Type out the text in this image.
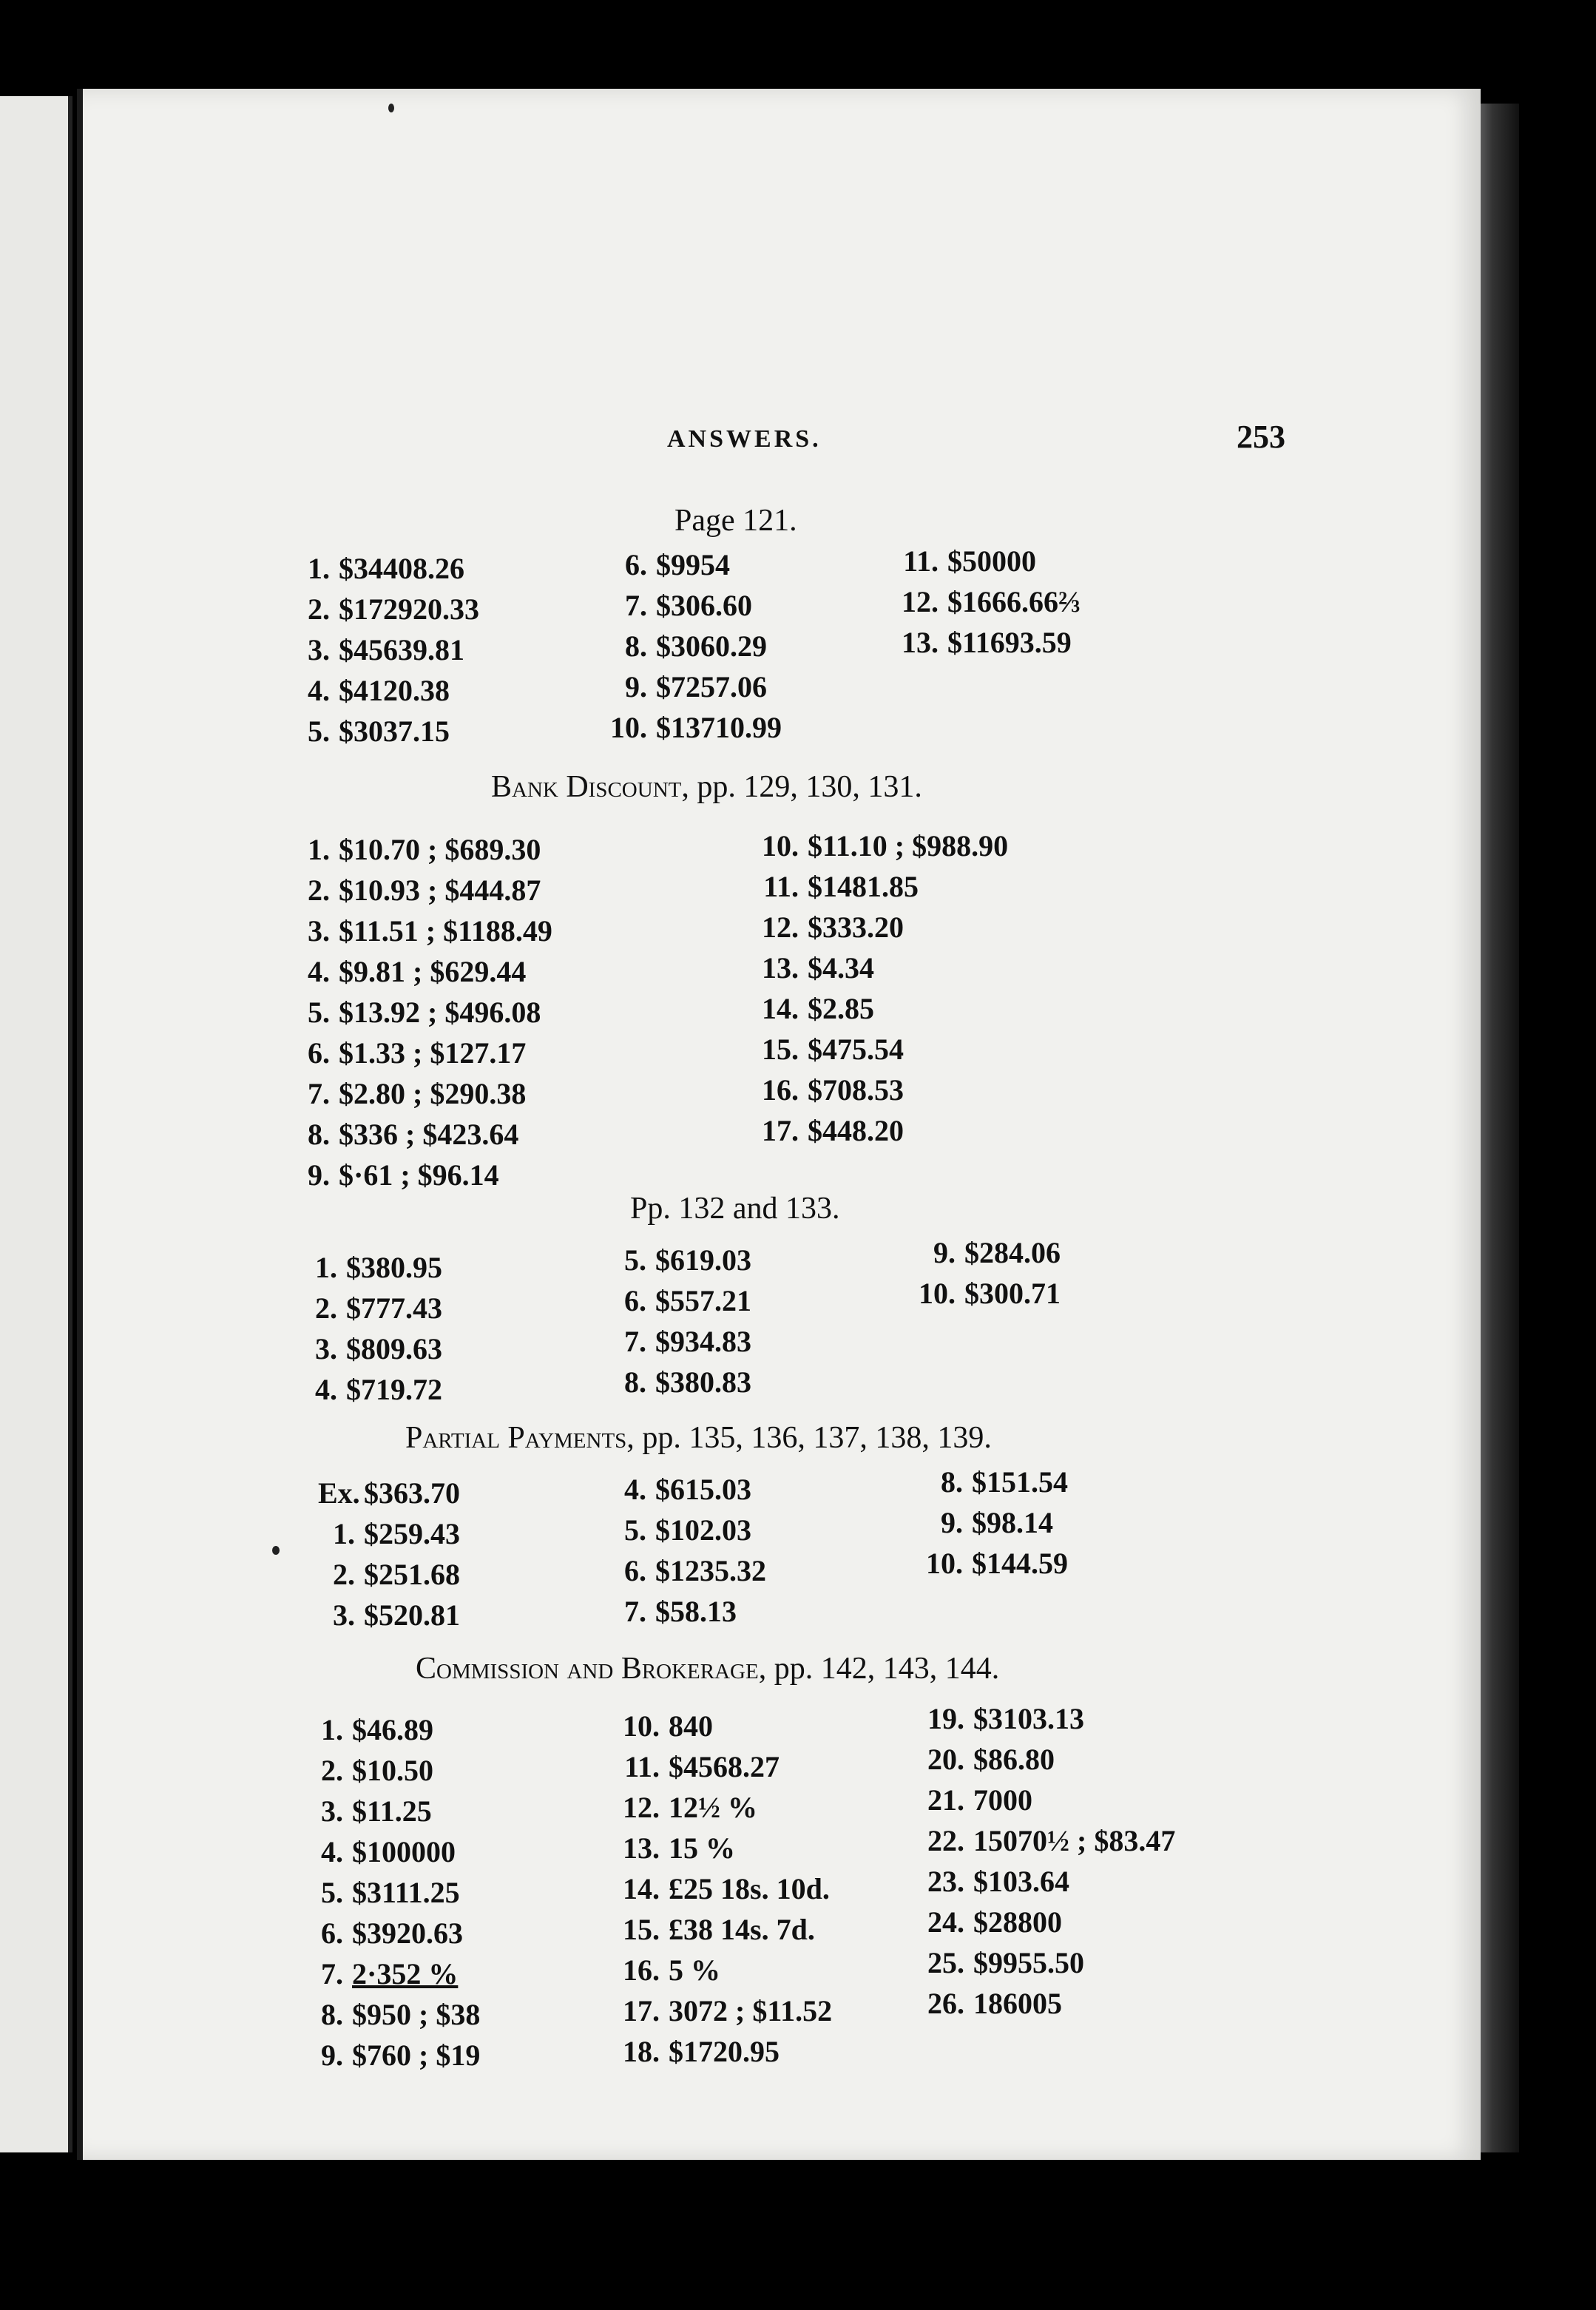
ANSWERS.	253
Page 121.
1. $34408.26
2. $172920.33
3. $45639.81
4. $4120.38
5. $3037.15
6. $9954
7. $306.60
8. $3060.29
9. $7257.06
10. $13710.99
11. $50000
12. $1666.66⅔
13. $11693.59
Bank Discount, pp. 129, 130, 131.
1. $10.70 ; $689.30
2. $10.93 ; $444.87
3. $11.51 ; $1188.49
4. $9.81 ; $629.44
5. $13.92 ; $496.08
6. $1.33 ; $127.17
7. $2.80 ; $290.38
8. $336 ; $423.64
9. $·61 ; $96.14
10. $11.10 ; $988.90
11. $1481.85
12. $333.20
13. $4.34
14. $2.85
15. $475.54
16. $708.53
17. $448.20
Pp. 132 and 133.
1. $380.95
2. $777.43
3. $809.63
4. $719.72
5. $619.03
6. $557.21
7. $934.83
8. $380.83
9. $284.06
10. $300.71
Partial Payments, pp. 135, 136, 137, 138, 139.
Ex. $363.70
1. $259.43
2. $251.68
3. $520.81
4. $615.03
5. $102.03
6. $1235.32
7. $58.13
8. $151.54
9. $98.14
10. $144.59
Commission and Brokerage, pp. 142, 143, 144.
1. $46.89
2. $10.50
3. $11.25
4. $100000
5. $3111.25
6. $3920.63
7. 2·352 %
8. $950 ; $38
9. $760 ; $19
10. 840
11. $4568.27
12. 12½ %
13. 15 %
14. £25 18s. 10d.
15. £38 14s. 7d.
16. 5 %
17. 3072 ; $11.52
18. $1720.95
19. $3103.13
20. $86.80
21. 7000
22. 15070½ ; $83.47
23. $103.64
24. $28800
25. $9955.50
26. 186005
